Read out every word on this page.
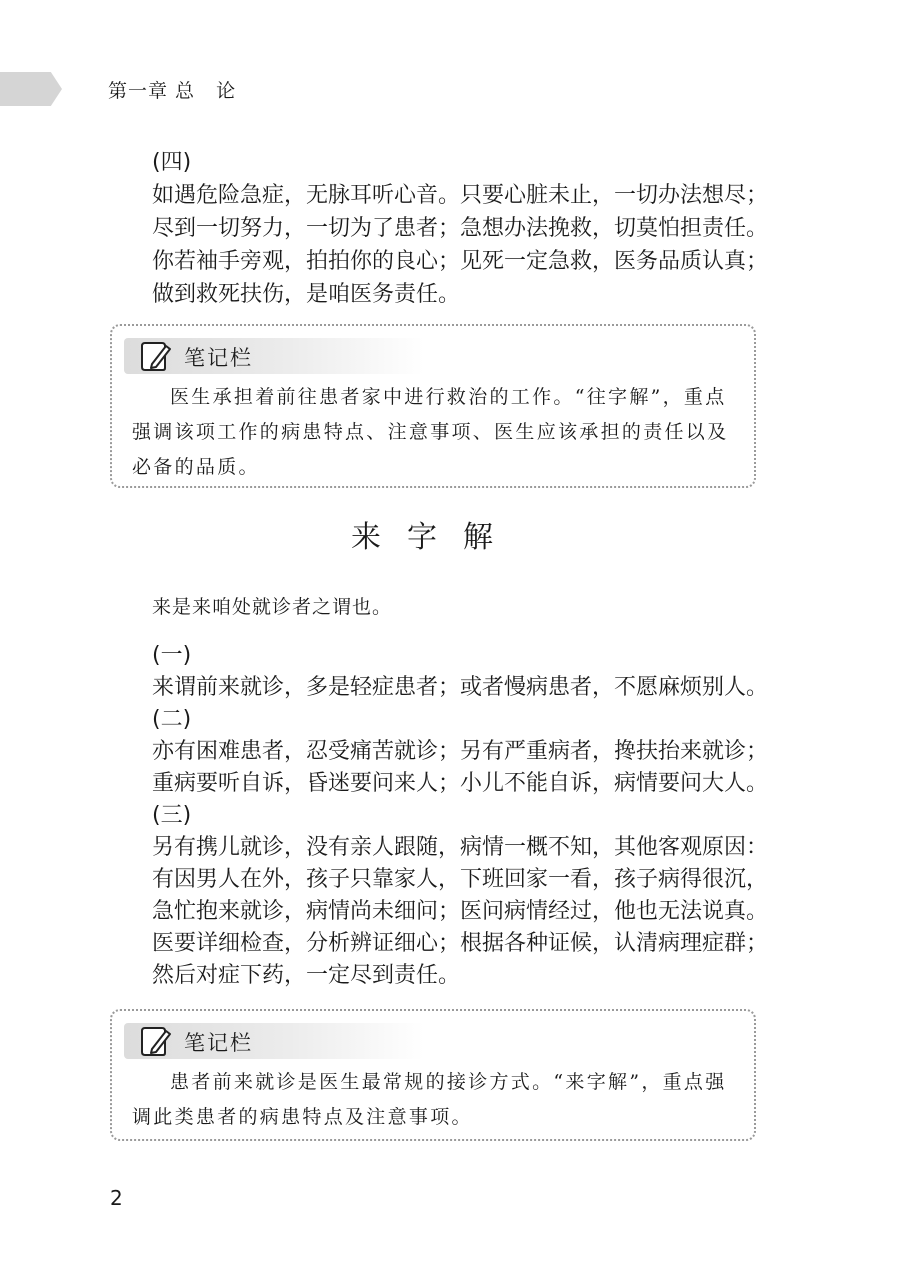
第一章 总   论

(四)

如遇危险急症，无脉耳听心音。只要心脏未止，一切办法想尽；

尽到一切努力，一切为了患者；急想办法挽救，切莫怕担责任。

你若袖手旁观，拍拍你的良心；见死一定急救，医务品质认真；

做到救死扶伤，是咱医务责任。

笔记栏
医生承担着前往患者家中进行救治的工作。“往字解”，重点强调该项工作的病患特点、注意事项、医生应该承担的责任以及必备的品质。
来字解
来是来咱处就诊者之谓也。

(一)

来谓前来就诊，多是轻症患者；或者慢病患者，不愿麻烦别人。

(二)

亦有困难患者，忍受痛苦就诊；另有严重病者，搀扶抬来就诊；

重病要听自诉，昏迷要问来人；小儿不能自诉，病情要问大人。

(三)

另有携儿就诊，没有亲人跟随，病情一概不知，其他客观原因：

有因男人在外，孩子只靠家人，下班回家一看，孩子病得很沉，

急忙抱来就诊，病情尚未细问；医问病情经过，他也无法说真。

医要详细检查，分析辨证细心；根据各种证候，认清病理症群；

然后对症下药，一定尽到责任。

笔记栏
患者前来就诊是医生最常规的接诊方式。“来字解”，重点强调此类患者的病患特点及注意事项。
2
